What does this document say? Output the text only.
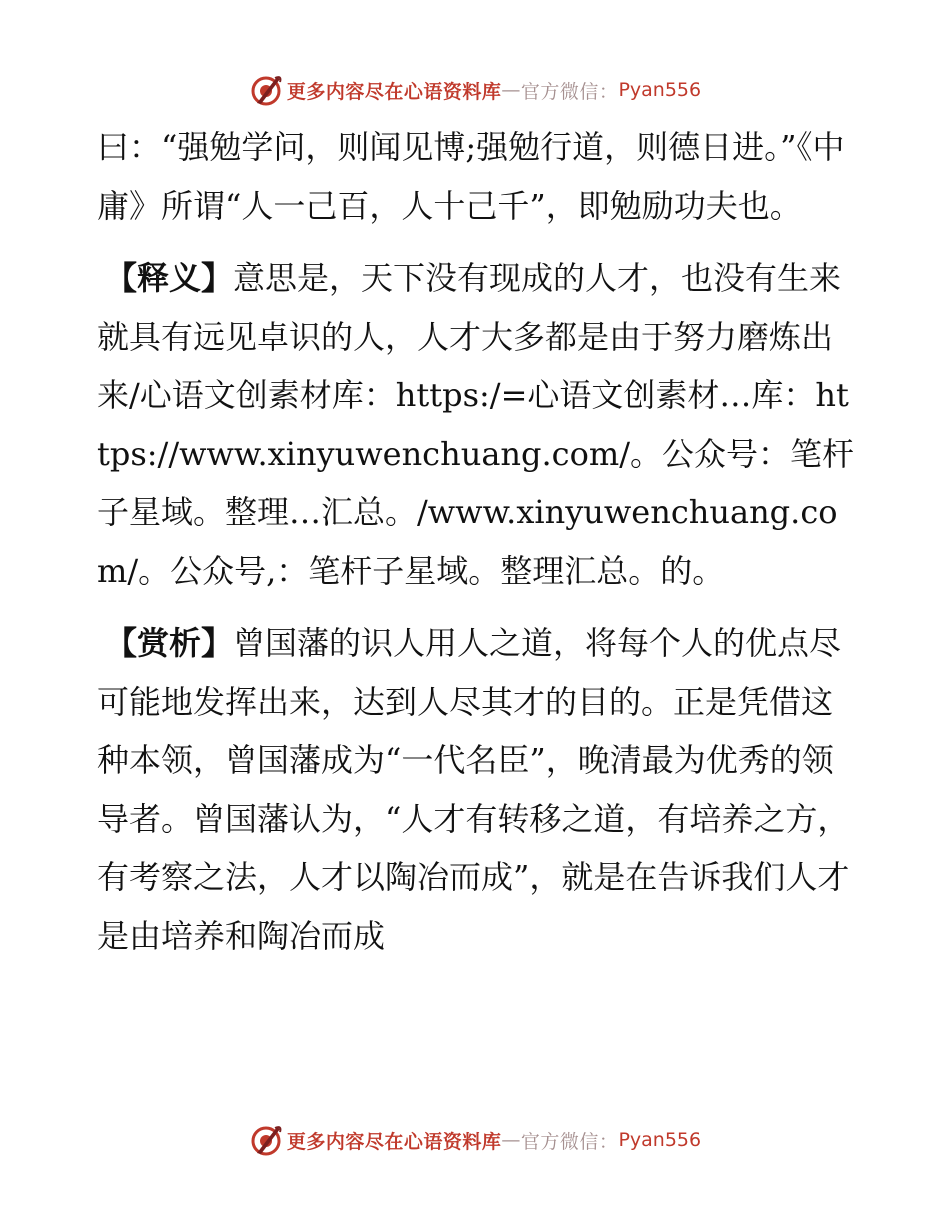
更多内容尽在心语资料库 — 官方微信： Pyan556

曰：“强勉学问，则闻见博;强勉行道，则德日进。”《中庸》所谓“人一己百，人十己千”，即勉励功夫也。

【释义】意思是，天下没有现成的人才，也没有生来就具有远见卓识的人，人才大多都是由于努力磨炼出来/心语文创素材库：https:/=心语文创素材…库：https://www.xinyuwenchuang.com/。公众号：笔杆子星域。整理…汇总。/www.xinyuwenchuang.com/。公众号,：笔杆子星域。整理汇总。的。

【赏析】曾国藩的识人用人之道，将每个人的优点尽可能地发挥出来，达到人尽其才的目的。正是凭借这种本领，曾国藩成为“一代名臣”，晚清最为优秀的领导者。曾国藩认为，“人才有转移之道，有培养之方，有考察之法，人才以陶冶而成”，就是在告诉我们人才是由培养和陶冶而成

更多内容尽在心语资料库 — 官方微信： Pyan556
